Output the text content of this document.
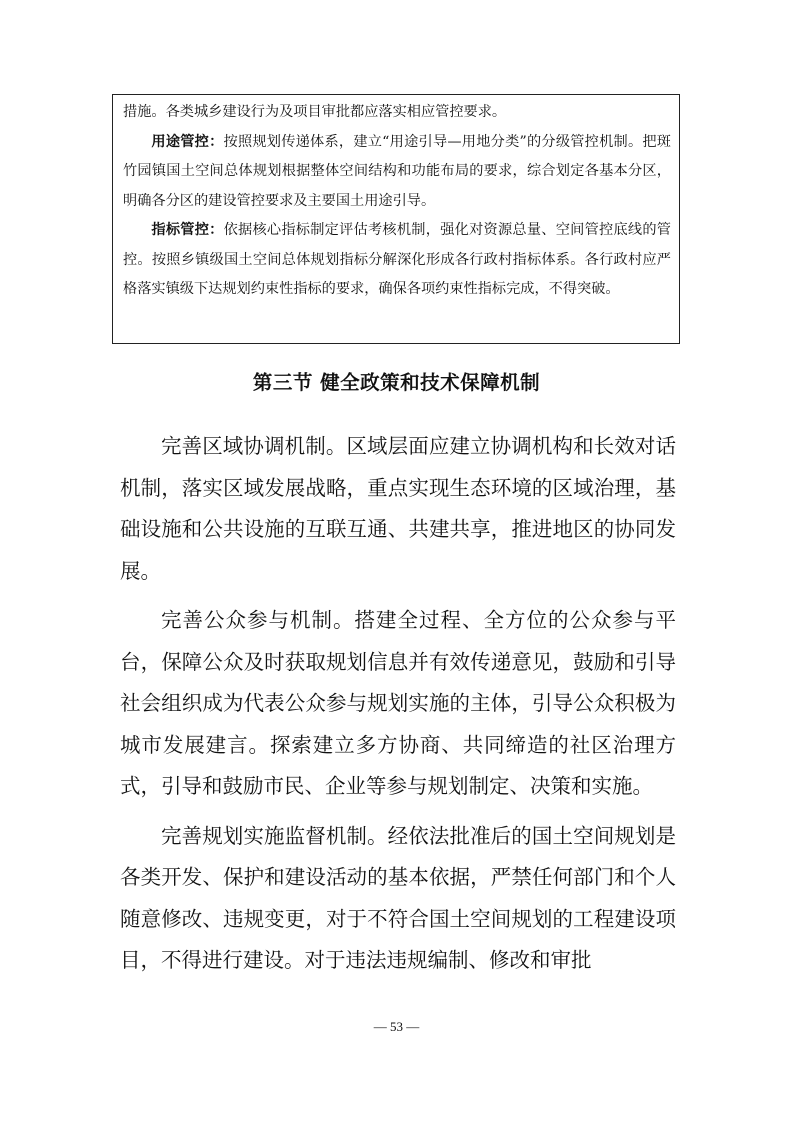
措施。各类城乡建设行为及项目审批都应落实相应管控要求。

用途管控：按照规划传递体系，建立“用途引导—用地分类”的分级管控机制。把斑竹园镇国土空间总体规划根据整体空间结构和功能布局的要求，综合划定各基本分区，明确各分区的建设管控要求及主要国土用途引导。

指标管控：依据核心指标制定评估考核机制，强化对资源总量、空间管控底线的管控。按照乡镇级国土空间总体规划指标分解深化形成各行政村指标体系。各行政村应严格落实镇级下达规划约束性指标的要求，确保各项约束性指标完成，不得突破。

第三节 健全政策和技术保障机制

完善区域协调机制。区域层面应建立协调机构和长效对话机制，落实区域发展战略，重点实现生态环境的区域治理，基础设施和公共设施的互联互通、共建共享，推进地区的协同发展。

完善公众参与机制。搭建全过程、全方位的公众参与平台，保障公众及时获取规划信息并有效传递意见，鼓励和引导社会组织成为代表公众参与规划实施的主体，引导公众积极为城市发展建言。探索建立多方协商、共同缔造的社区治理方式，引导和鼓励市民、企业等参与规划制定、决策和实施。

完善规划实施监督机制。经依法批准后的国土空间规划是各类开发、保护和建设活动的基本依据，严禁任何部门和个人随意修改、违规变更，对于不符合国土空间规划的工程建设项目，不得进行建设。对于违法违规编制、修改和审批

— 53 —
